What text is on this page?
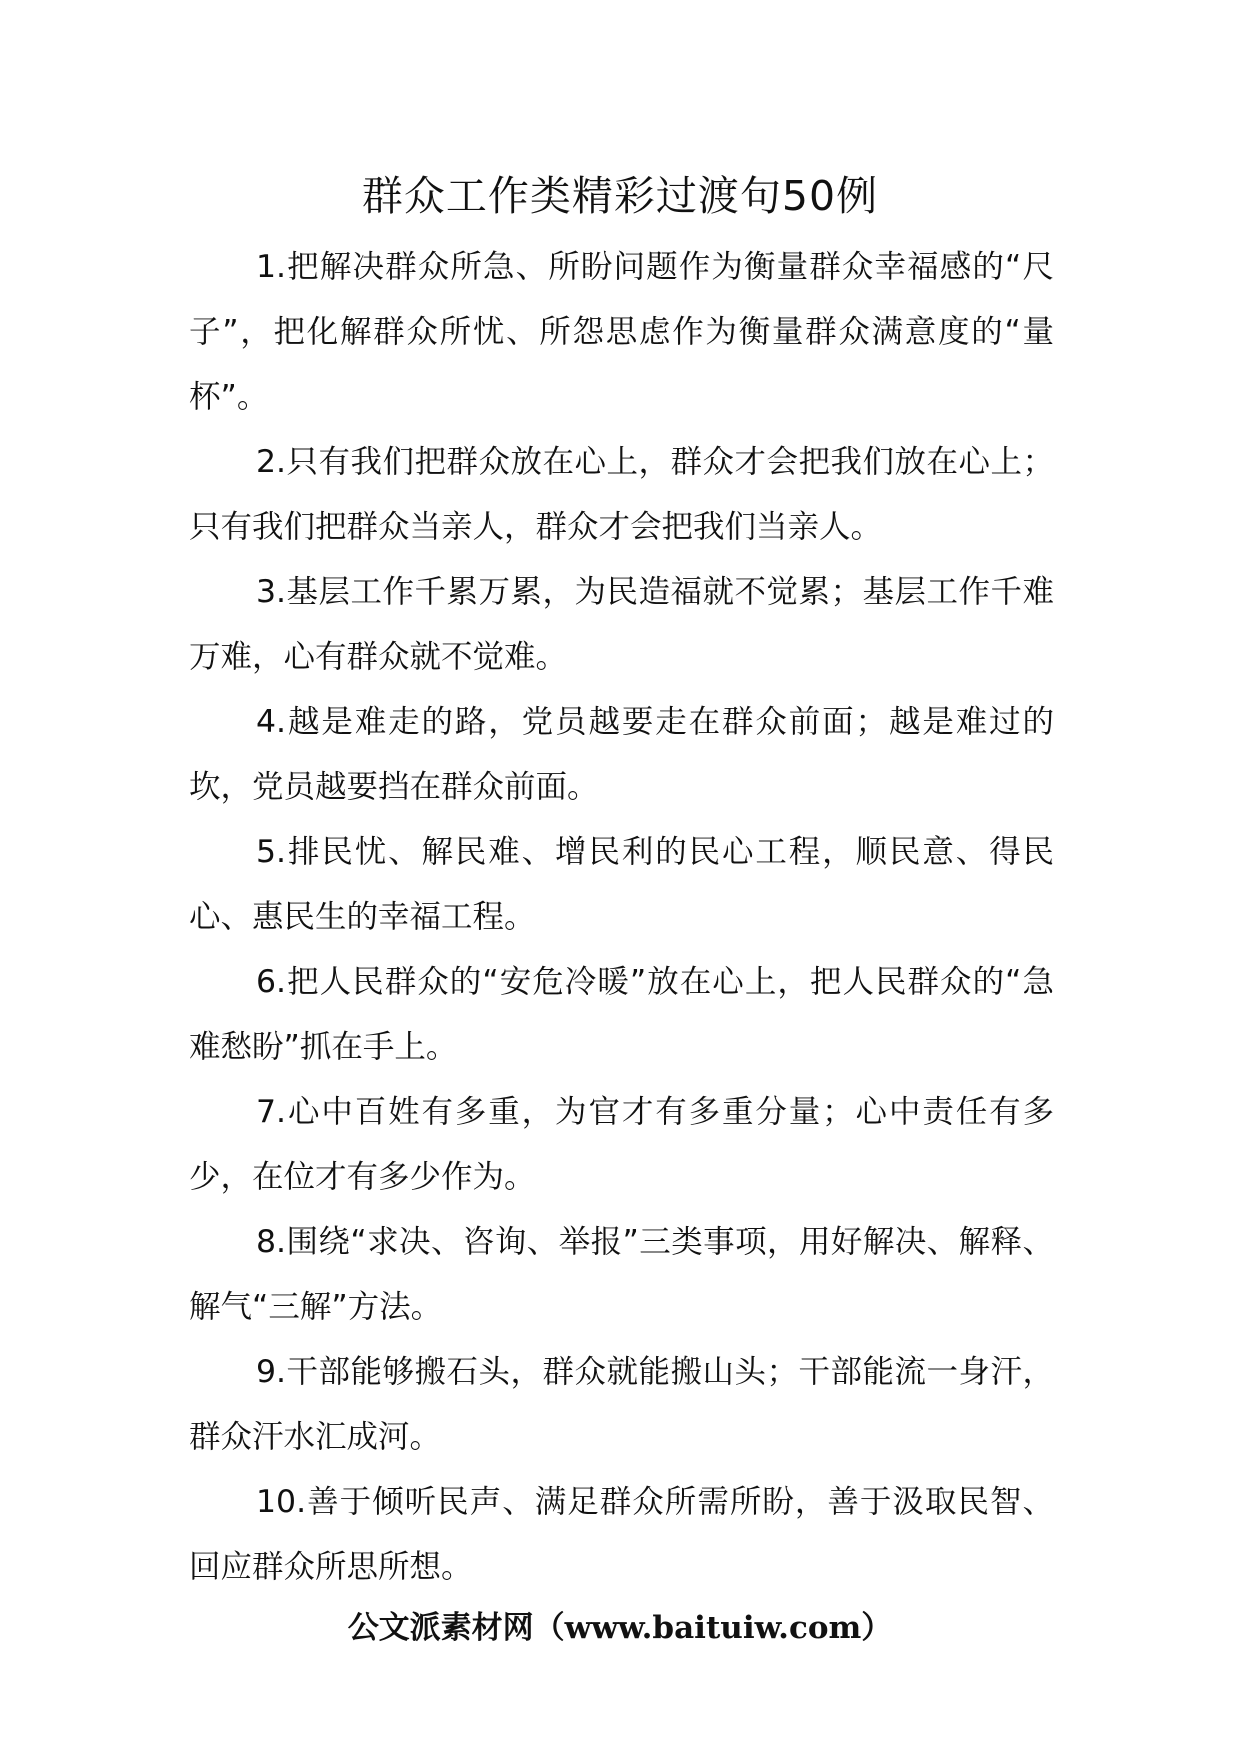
群众工作类精彩过渡句50例

1.把解决群众所急、所盼问题作为衡量群众幸福感的“尺子”，把化解群众所忧、所怨思虑作为衡量群众满意度的“量杯”。

2.只有我们把群众放在心上，群众才会把我们放在心上；只有我们把群众当亲人，群众才会把我们当亲人。

3.基层工作千累万累，为民造福就不觉累；基层工作千难万难，心有群众就不觉难。

4.越是难走的路，党员越要走在群众前面；越是难过的坎，党员越要挡在群众前面。

5.排民忧、解民难、增民利的民心工程，顺民意、得民心、惠民生的幸福工程。

6.把人民群众的“安危冷暖”放在心上，把人民群众的“急难愁盼”抓在手上。

7.心中百姓有多重，为官才有多重分量；心中责任有多少，在位才有多少作为。

8.围绕“求决、咨询、举报”三类事项，用好解决、解释、解气“三解”方法。

9.干部能够搬石头，群众就能搬山头；干部能流一身汗，群众汗水汇成河。

10.善于倾听民声、满足群众所需所盼，善于汲取民智、回应群众所思所想。

公文派素材网（www.baituiw.com）
